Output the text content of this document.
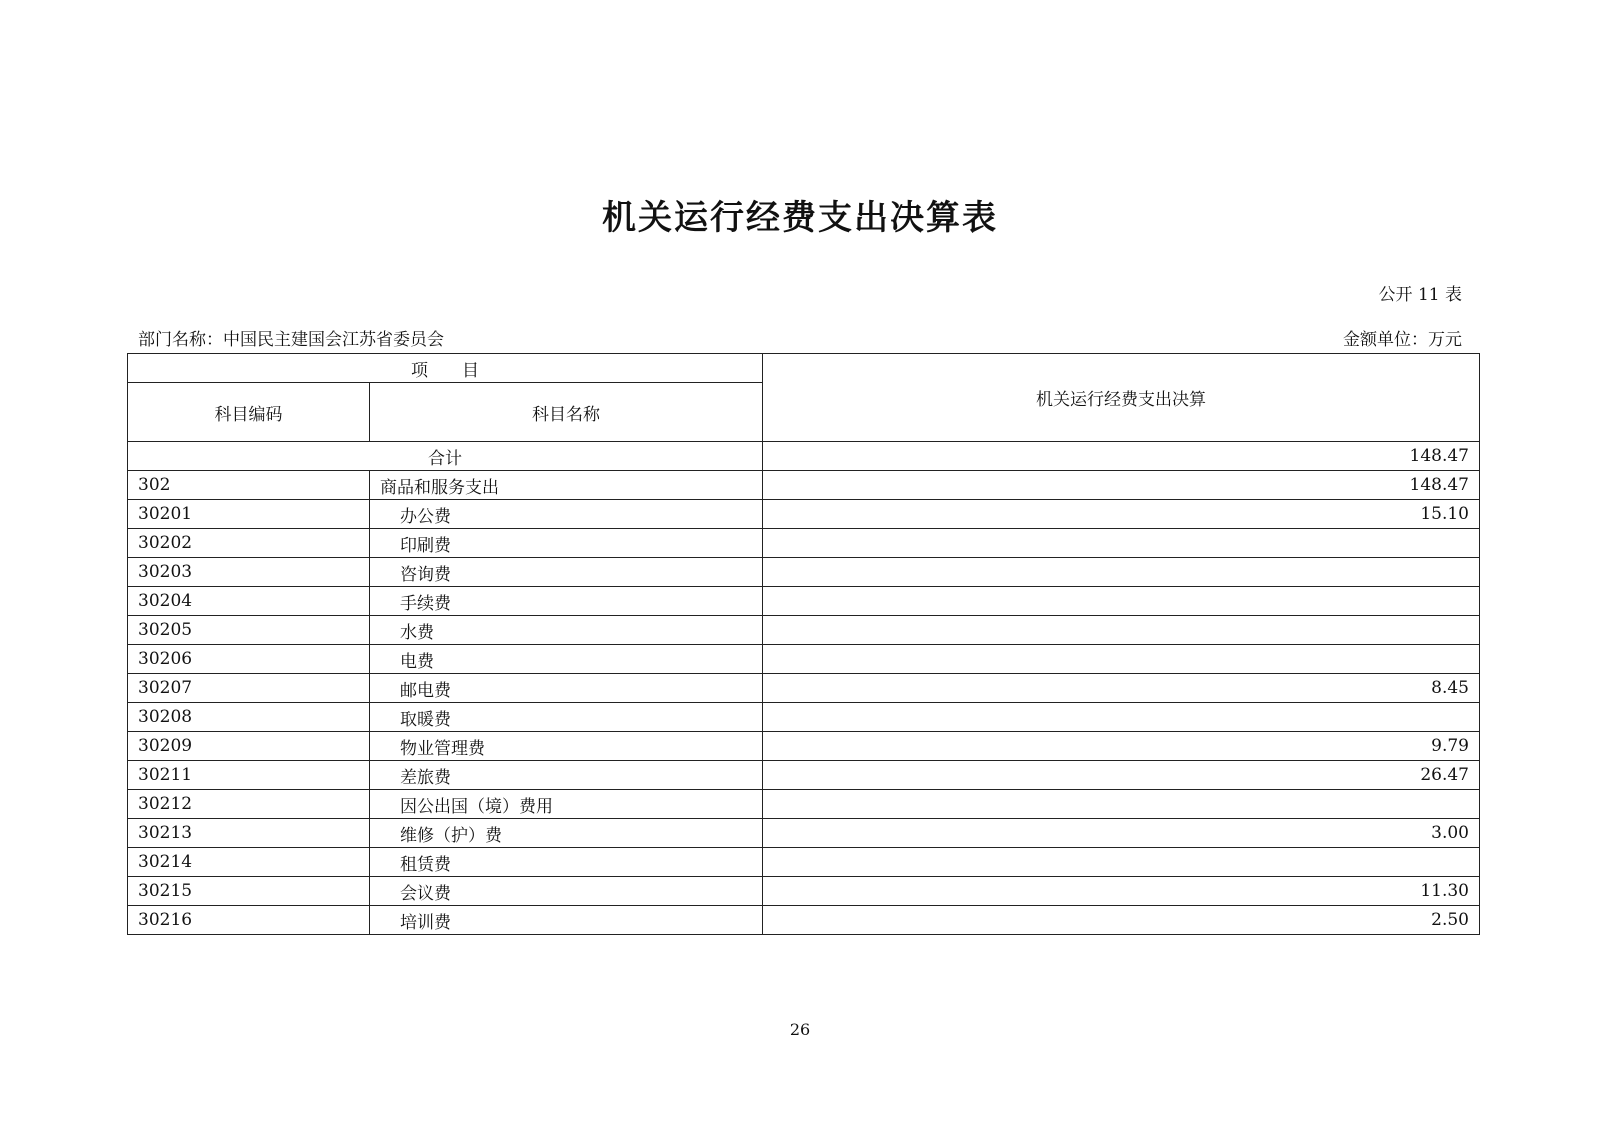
机关运行经费支出决算表
公开 11 表
部门名称：中国民主建国会江苏省委员会	金额单位：万元
项　　目		机关运行经费支出决算
科目编码	科目名称	
合计		148.47
302	商品和服务支出	148.47
30201	办公费	15.10
30202	印刷费	
30203	咨询费	
30204	手续费	
30205	水费	
30206	电费	
30207	邮电费	8.45
30208	取暖费	
30209	物业管理费	9.79
30211	差旅费	26.47
30212	因公出国（境）费用	
30213	维修（护）费	3.00
30214	租赁费	
30215	会议费	11.30
30216	培训费	2.50
26
